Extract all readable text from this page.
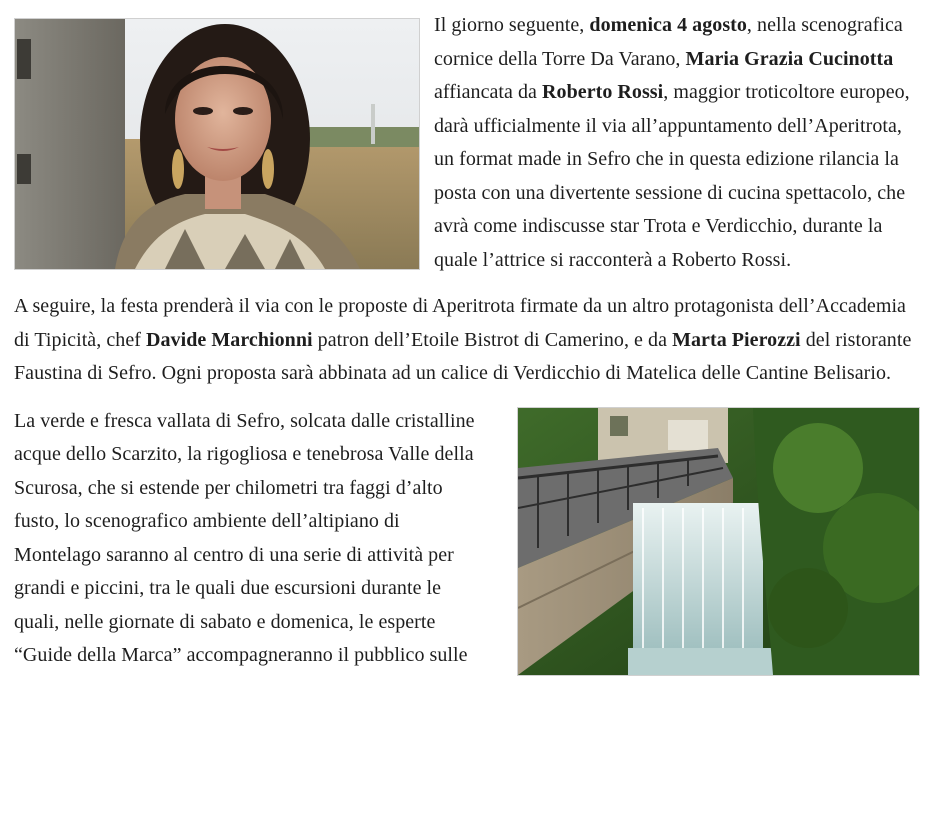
Il giorno seguente, domenica 4 agosto, nella scenografica cornice della Torre Da Varano, Maria Grazia Cucinotta affiancata da Roberto Rossi, maggior troticoltore europeo, darà ufficialmente il via all’appuntamento dell’Aperitrota, un format made in Sefro che in questa edizione rilancia la posta con una divertente sessione di cucina spettacolo, che avrà come indiscusse star Trota e Verdicchio, durante la quale l’attrice si racconterà a Roberto Rossi.

A seguire, la festa prenderà il via con le proposte di Aperitrota firmate da un altro protagonista dell’Accademia di Tipicità, chef Davide Marchionni patron dell’Etoile Bistrot di Camerino, e da Marta Pierozzi del ristorante Faustina di Sefro. Ogni proposta sarà abbinata ad un calice di Verdicchio di Matelica delle Cantine Belisario.

La verde e fresca vallata di Sefro, solcata dalle cristalline acque dello Scarzito, la rigogliosa e tenebrosa Valle della Scurosa, che si estende per chilometri tra faggi d’alto fusto, lo scenografico ambiente dell’altipiano di Montelago saranno al centro di una serie di attività per grandi e piccini, tra le quali due escursioni durante le quali, nelle giornate di sabato e domenica, le esperte “Guide della Marca” accompagneranno il pubblico sulle
